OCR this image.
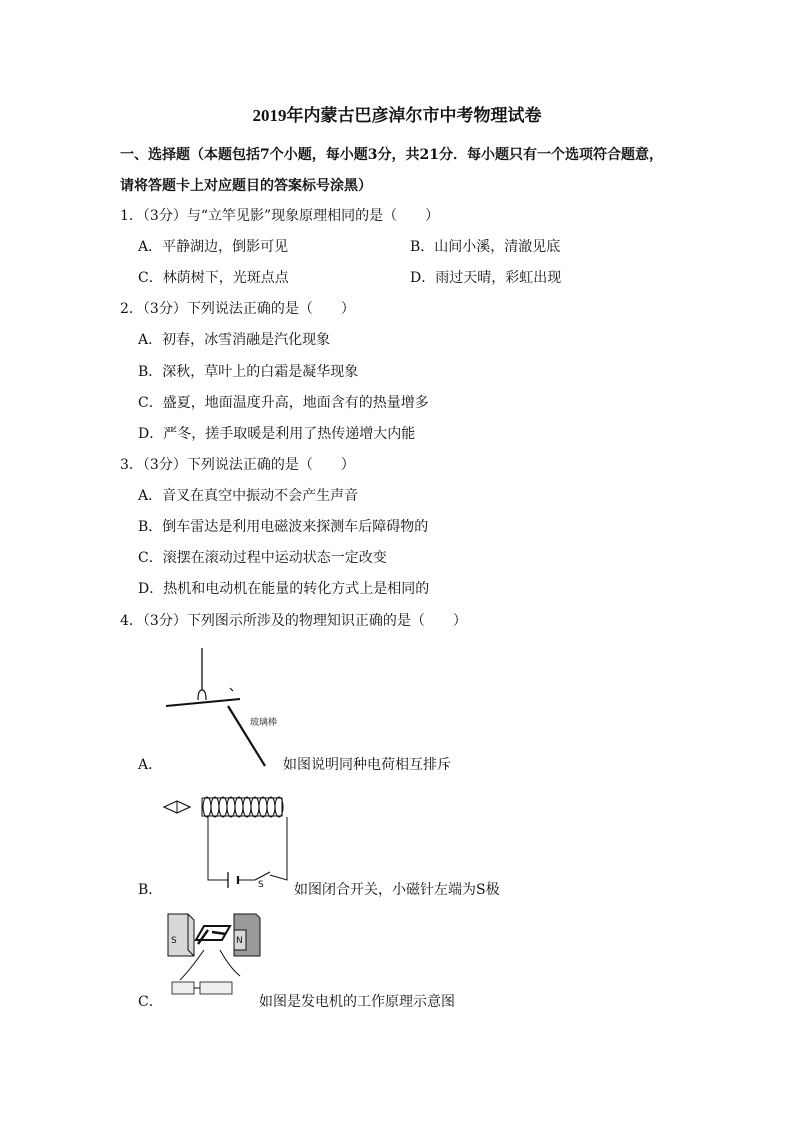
2019年内蒙古巴彦淖尔市中考物理试卷
一、选择题（本题包括7个小题，每小题3分，共21分．每小题只有一个选项符合题意，
请将答题卡上对应题目的答案标号涂黑）
1．（3分）与“立竿见影”现象原理相同的是（　　）
A．平静湖边，倒影可见	B．山间小溪，清澈见底
C．林荫树下，光斑点点	D．雨过天晴，彩虹出现
2．（3分）下列说法正确的是（　　）
A．初春，冰雪消融是汽化现象
B．深秋，草叶上的白霜是凝华现象
C．盛夏，地面温度升高，地面含有的热量增多
D．严冬，搓手取暖是利用了热传递增大内能
3．（3分）下列说法正确的是（　　）
A．音叉在真空中振动不会产生声音
B．倒车雷达是利用电磁波来探测车后障碍物的
C．滚摆在滚动过程中运动状态一定改变
D．热机和电动机在能量的转化方式上是相同的
4．（3分）下列图示所涉及的物理知识正确的是（　　）
玻璃棒
A．	如图说明同种电荷相互排斥
S
B．	如图闭合开关，小磁针左端为S极
S	N
C．	如图是发电机的工作原理示意图
